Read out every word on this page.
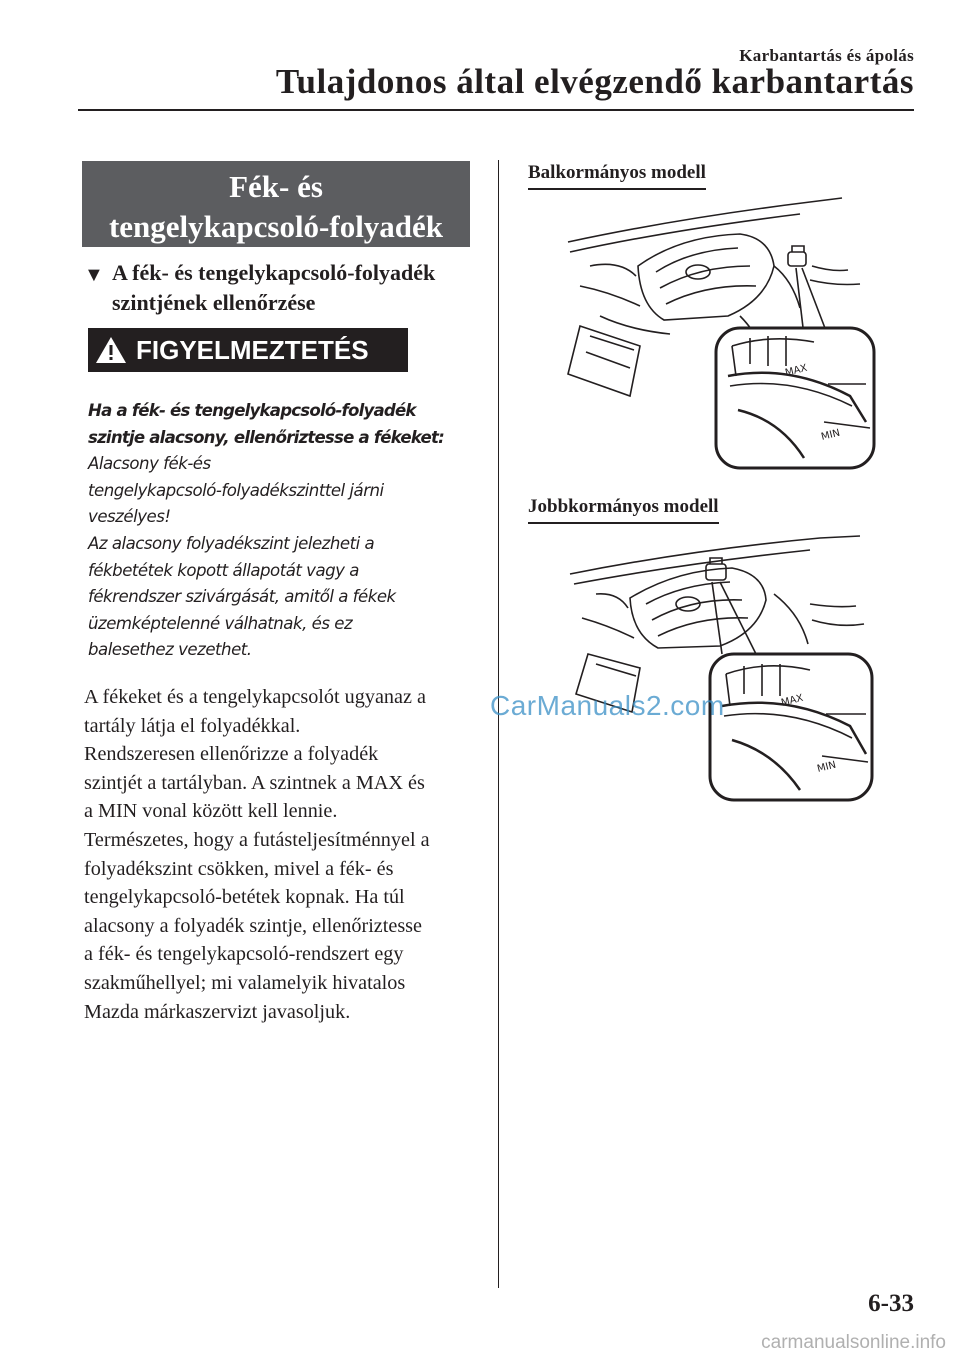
Karbantartás és ápolás
Tulajdonos által elvégzendő karbantartás
Fék- és
tengelykapcsoló-folyadék
▼ A fék- és tengelykapcsoló-folyadék
szintjének ellenőrzése
FIGYELMEZTETÉS
Ha a fék- és tengelykapcsoló-folyadék
szintje alacsony, ellenőriztesse a fékeket:
Alacsony fék-és
tengelykapcsoló-folyadékszinttel járni
veszélyes!
Az alacsony folyadékszint jelezheti a
fékbetétek kopott állapotát vagy a
fékrendszer szivárgását, amitől a fékek
üzemképtelenné válhatnak, és ez
balesethez vezethet.
A fékeket és a tengelykapcsolót ugyanaz a
tartály látja el folyadékkal.
Rendszeresen ellenőrizze a folyadék
szintjét a tartályban. A szintnek a MAX és
a MIN vonal között kell lennie.
Természetes, hogy a futásteljesítménnyel a
folyadékszint csökken, mivel a fék- és
tengelykapcsoló-betétek kopnak. Ha túl
alacsony a folyadék szintje, ellenőriztesse
a fék- és tengelykapcsoló-rendszert egy
szakműhellyel; mi valamelyik hivatalos
Mazda márkaszervizt javasoljuk.
Balkormányos modell
MAX
MIN
Jobbkormányos modell
MAX
MIN
CarManuals2.com
6-33
carmanualsonline.info
